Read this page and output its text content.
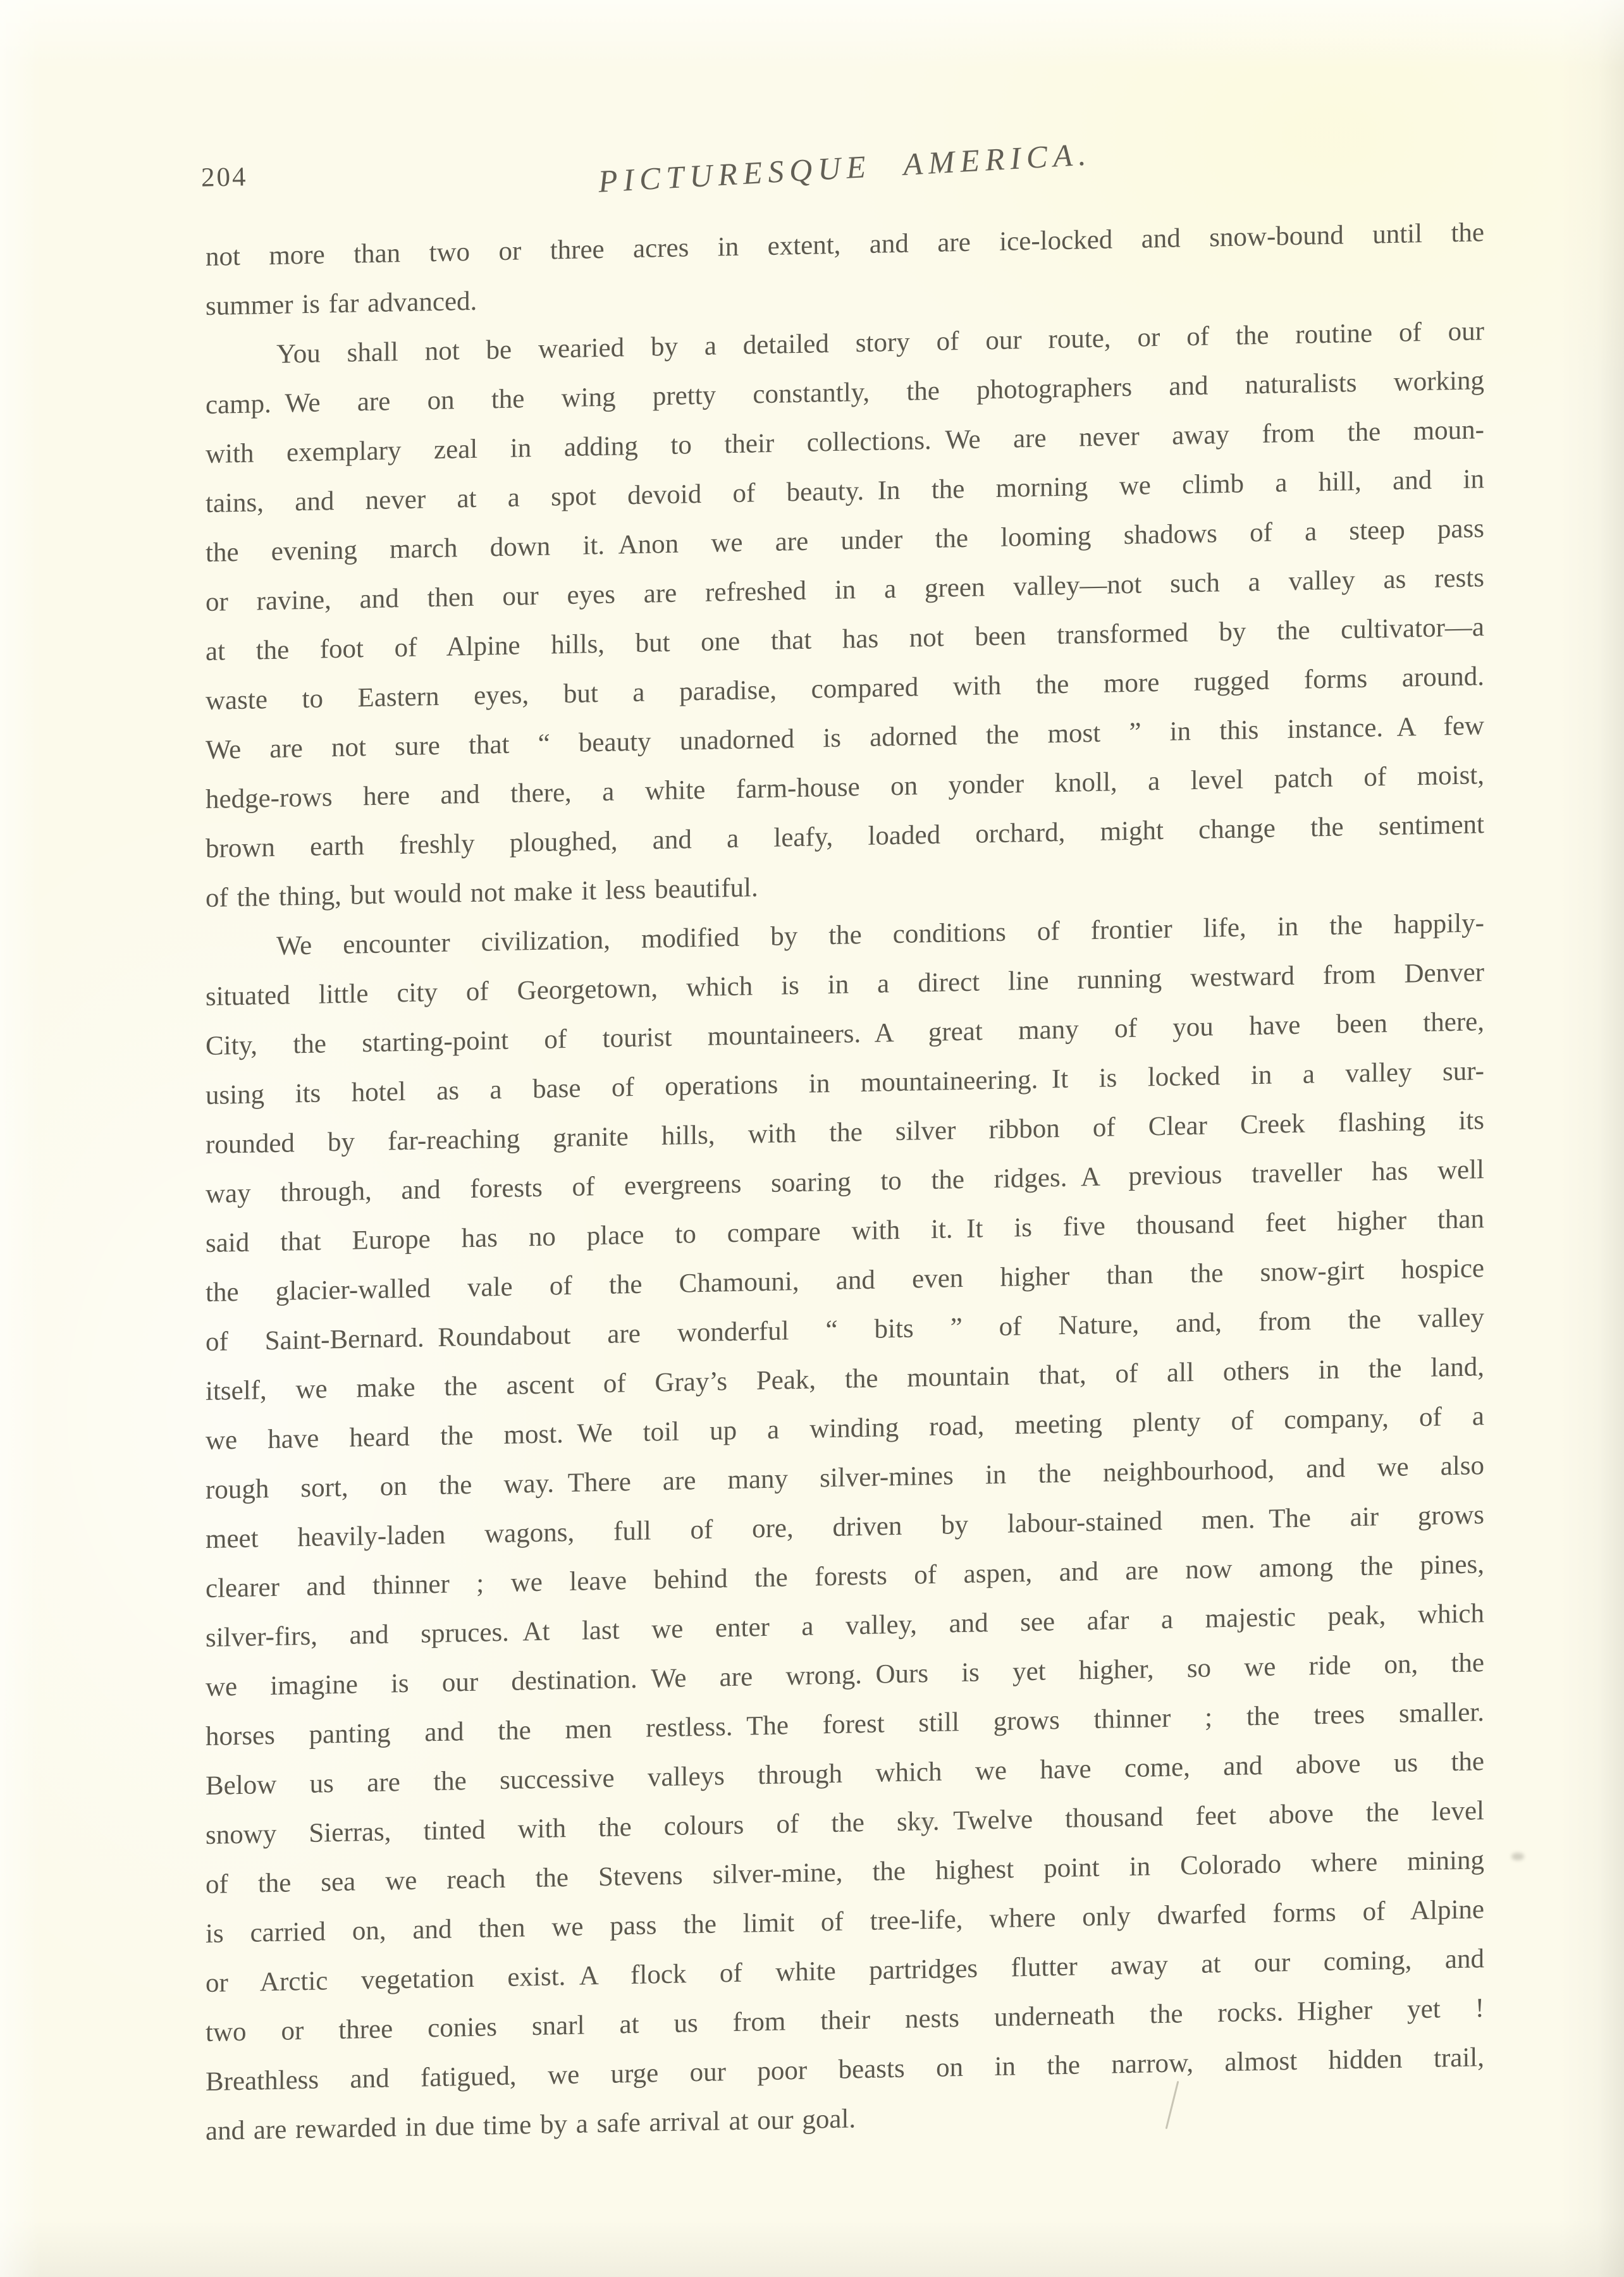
204	PICTURESQUE AMERICA.
not more than two or three acres in extent, and are ice-locked and snow-bound until the
summer is far advanced.
You shall not be wearied by a detailed story of our route, or of the routine of our
camp. We are on the wing pretty constantly, the photographers and naturalists working
with exemplary zeal in adding to their collections. We are never away from the moun-
tains, and never at a spot devoid of beauty. In the morning we climb a hill, and in
the evening march down it. Anon we are under the looming shadows of a steep pass
or ravine, and then our eyes are refreshed in a green valley—not such a valley as rests
at the foot of Alpine hills, but one that has not been transformed by the cultivator—a
waste to Eastern eyes, but a paradise, compared with the more rugged forms around.
We are not sure that “ beauty unadorned is adorned the most ” in this instance. A few
hedge-rows here and there, a white farm-house on yonder knoll, a level patch of moist,
brown earth freshly ploughed, and a leafy, loaded orchard, might change the sentiment
of the thing, but would not make it less beautiful.
We encounter civilization, modified by the conditions of frontier life, in the happily-
situated little city of Georgetown, which is in a direct line running westward from Denver
City, the starting-point of tourist mountaineers. A great many of you have been there,
using its hotel as a base of operations in mountaineering. It is locked in a valley sur-
rounded by far-reaching granite hills, with the silver ribbon of Clear Creek flashing its
way through, and forests of evergreens soaring to the ridges. A previous traveller has well
said that Europe has no place to compare with it. It is five thousand feet higher than
the glacier-walled vale of the Chamouni, and even higher than the snow-girt hospice
of Saint-Bernard. Roundabout are wonderful “ bits ” of Nature, and, from the valley
itself, we make the ascent of Gray’s Peak, the mountain that, of all others in the land,
we have heard the most. We toil up a winding road, meeting plenty of company, of a
rough sort, on the way. There are many silver-mines in the neighbourhood, and we also
meet heavily-laden wagons, full of ore, driven by labour-stained men. The air grows
clearer and thinner ; we leave behind the forests of aspen, and are now among the pines,
silver-firs, and spruces. At last we enter a valley, and see afar a majestic peak, which
we imagine is our destination. We are wrong. Ours is yet higher, so we ride on, the
horses panting and the men restless. The forest still grows thinner ; the trees smaller.
Below us are the successive valleys through which we have come, and above us the
snowy Sierras, tinted with the colours of the sky. Twelve thousand feet above the level
of the sea we reach the Stevens silver-mine, the highest point in Colorado where mining
is carried on, and then we pass the limit of tree-life, where only dwarfed forms of Alpine
or Arctic vegetation exist. A flock of white partridges flutter away at our coming, and
two or three conies snarl at us from their nests underneath the rocks. Higher yet !
Breathless and fatigued, we urge our poor beasts on in the narrow, almost hidden trail,
and are rewarded in due time by a safe arrival at our goal.
